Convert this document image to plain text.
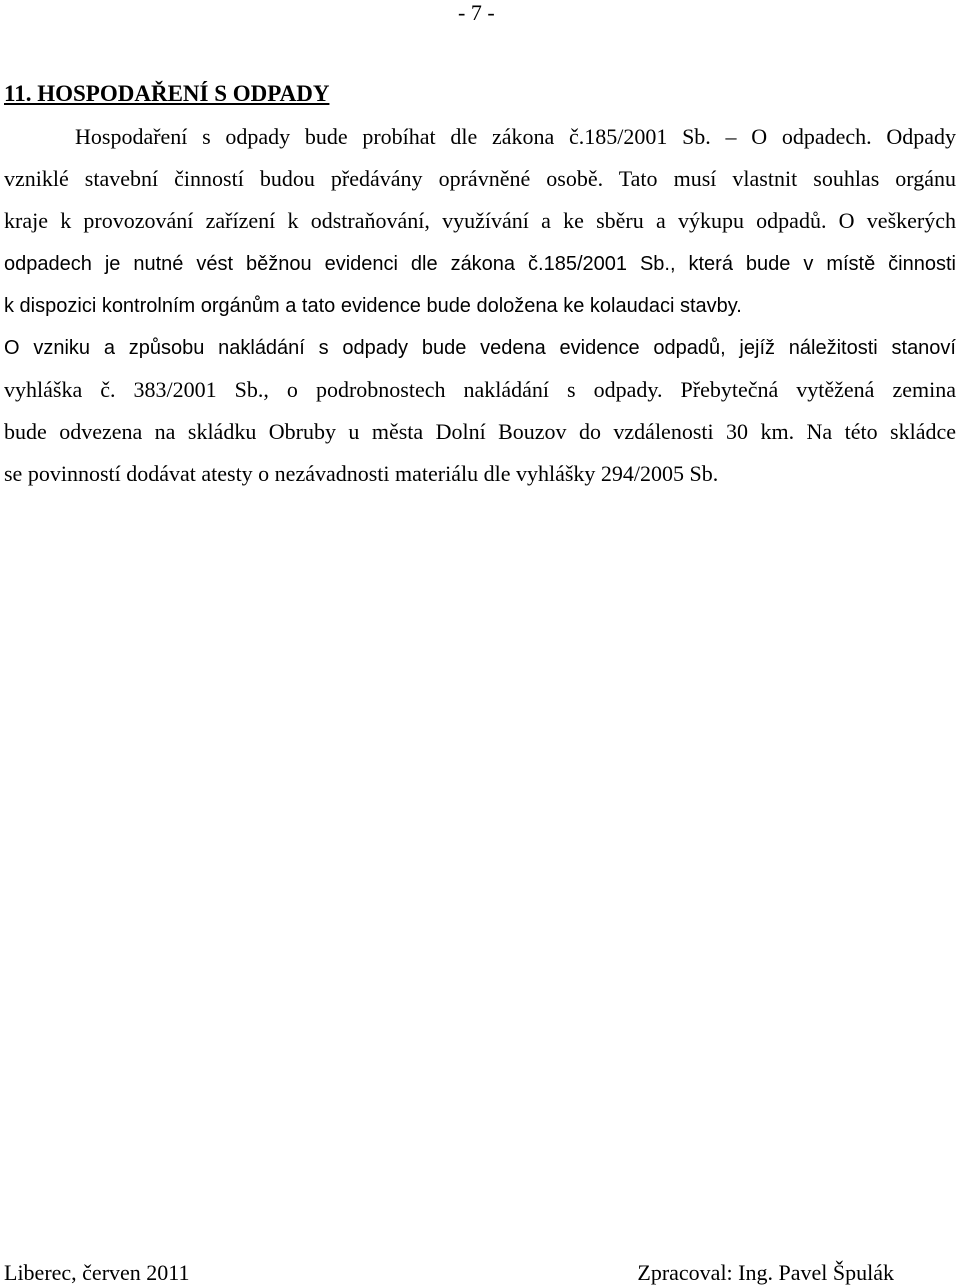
- 7 -
11. HOSPODAŘENÍ S ODPADY

Hospodaření s odpady bude probíhat dle zákona č.185/2001 Sb. – O odpadech. Odpady

vzniklé stavební činností budou předávány oprávněné osobě. Tato musí vlastnit souhlas orgánu

kraje k provozování zařízení k odstraňování, využívání a ke sběru a výkupu odpadů. O veškerých

odpadech je nutné vést běžnou evidenci dle zákona č.185/2001 Sb., která bude v místě činnosti

k dispozici kontrolním orgánům a tato evidence bude doložena ke kolaudaci stavby.

O vzniku a způsobu nakládání s odpady bude vedena evidence odpadů, jejíž náležitosti stanoví

vyhláška č. 383/2001 Sb., o podrobnostech nakládání s odpady. Přebytečná vytěžená zemina

bude odvezena na skládku Obruby u města Dolní Bouzov do vzdálenosti 30 km. Na této skládce

se povinností dodávat atesty o nezávadnosti materiálu dle vyhlášky 294/2005 Sb.

Liberec, červen 2011	Zpracoval: Ing. Pavel Špulák
